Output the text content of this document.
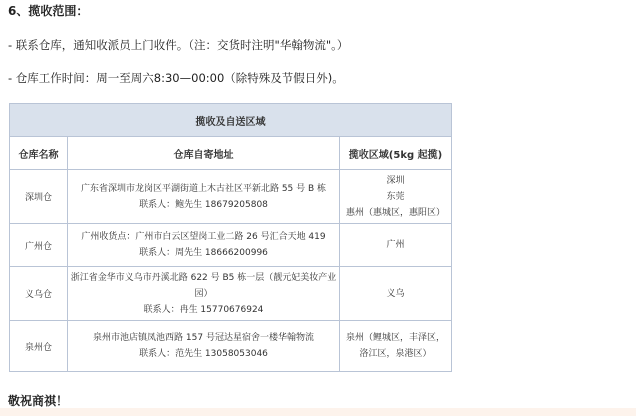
6、揽收范围：
- 联系仓库，通知收派员上门收件。（注：交货时注明"华翰物流"。）
- 仓库工作时间：周一至周六8:30—00:00（除特殊及节假日外)。
揽收及自送区域		
仓库名称	仓库自寄地址	揽收区域(5kg 起揽)
深圳仓	广东省深圳市龙岗区平湖街道上木古社区平新北路 55 号 B 栋
联系人：鲍先生 18679205808	深圳
东莞
惠州（惠城区，惠阳区）

广州仓	广州收货点：广州市白云区望岗工业二路 26 号汇合天地 419
联系人：周先生 18666200996	广州

义乌仓	浙江省金华市义乌市丹溪北路 622 号 B5 栋一层（靓元妃美妆产业园）
联系人：冉生 15770676924	义乌

泉州仓	泉州市池店镇凤池西路 157 号冠达星宿舍一楼华翰物流
联系人：范先生 13058053046	泉州（鲤城区，丰泽区，
洛江区，泉港区）
敬祝商祺！
